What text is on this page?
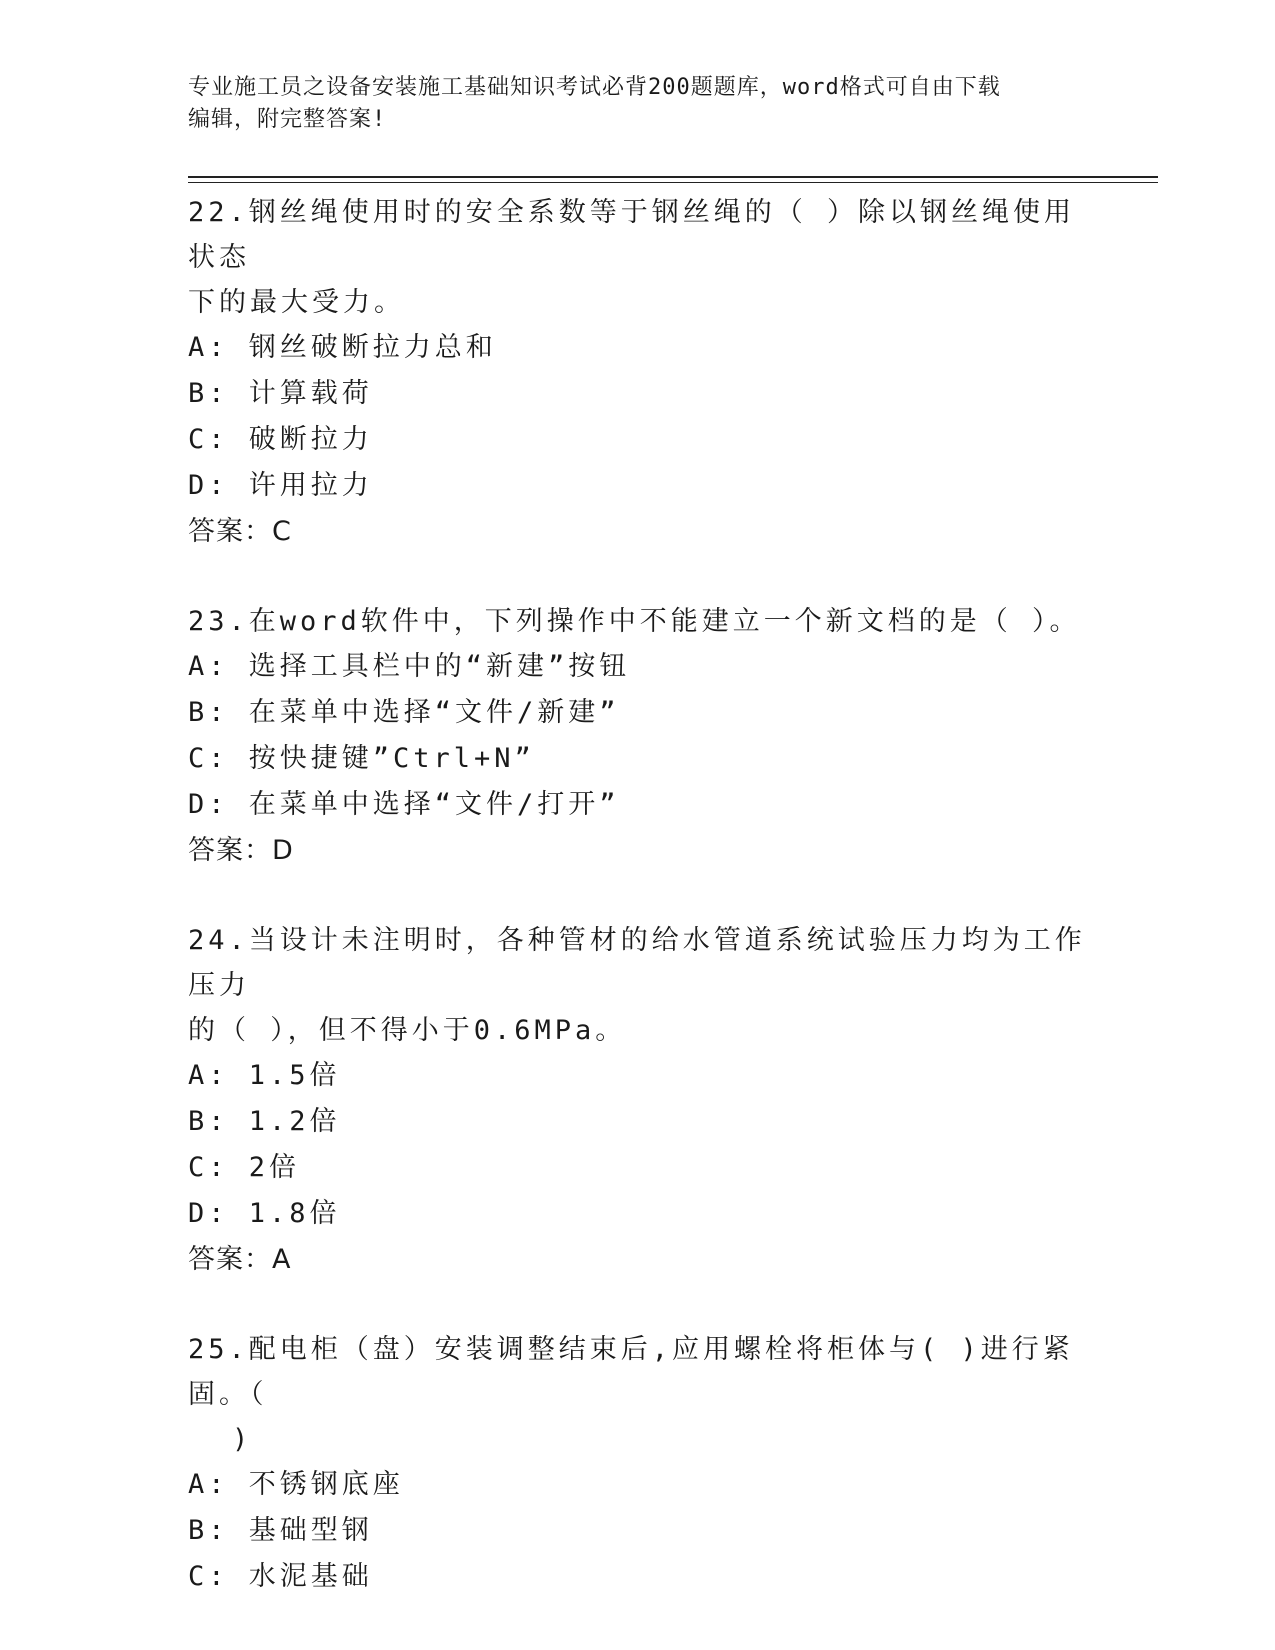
专业施工员之设备安装施工基础知识考试必背200题题库，word格式可自由下载
编辑，附完整答案!
22.钢丝绳使用时的安全系数等于钢丝绳的（ ）除以钢丝绳使用状态
下的最大受力。
A: 钢丝破断拉力总和
B: 计算载荷
C: 破断拉力
D: 许用拉力
答案：C
23.在word软件中，下列操作中不能建立一个新文档的是（ ）。
A: 选择工具栏中的“新建”按钮
B: 在菜单中选择“文件/新建”
C: 按快捷键”Ctrl+N”
D: 在菜单中选择“文件/打开”
答案：D
24.当设计未注明时，各种管材的给水管道系统试验压力均为工作压力
的（ ），但不得小于0.6MPa。
A: 1.5倍
B: 1.2倍
C: 2倍
D: 1.8倍
答案：A
25.配电柜（盘）安装调整结束后,应用螺栓将柜体与( )进行紧固。（
)
A: 不锈钢底座
B: 基础型钢
C: 水泥基础
